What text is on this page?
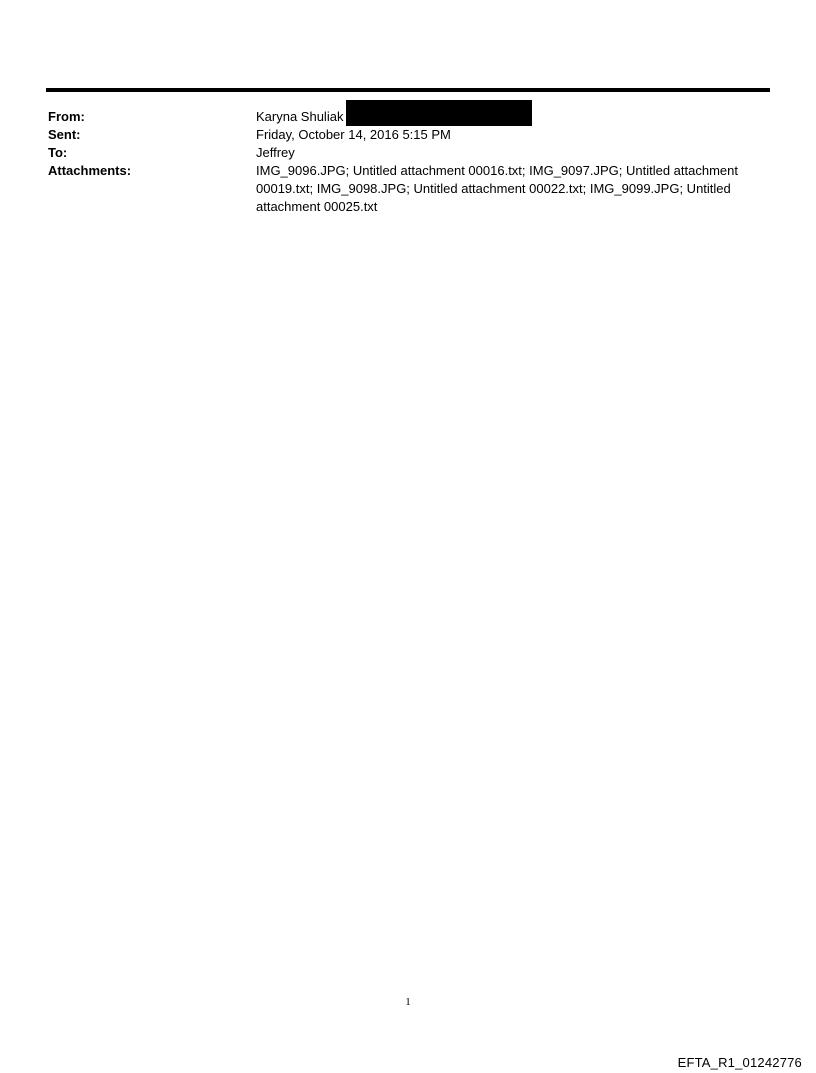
From:	Karyna Shuliak
Sent:	Friday, October 14, 2016 5:15 PM
To:	Jeffrey
Attachments:	IMG_9096.JPG; Untitled attachment 00016.txt; IMG_9097.JPG; Untitled attachment 00019.txt; IMG_9098.JPG; Untitled attachment 00022.txt; IMG_9099.JPG; Untitled attachment 00025.txt
1
EFTA_R1_01242776
